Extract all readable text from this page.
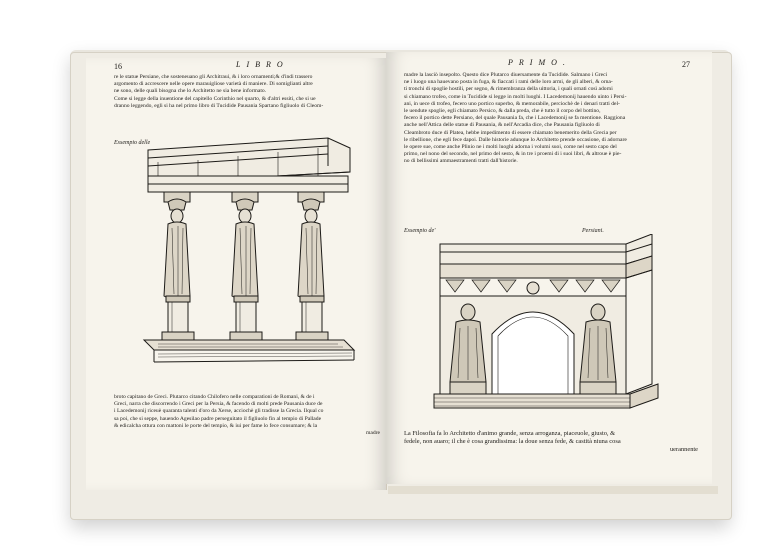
16	LIBRO
re le statue Persiane, che sosteneuano gli Architraui, & i loro ornamenti;& d'indi trassero
argomento di accrescere nelle opere marauigliose varietà di maniere. Di somiglianti altre
ne sono, delle quali bisogna che lo Architetto ne sia bene informato.
Come si legge della inuentione del capitello Corinthio nel quarto, & d'altri essiti, che si ue
dranno leggendo, egli si ha nel primo libro di Tucidide Pausania Spartano figliuolo di Cleom-
Essempio delle
broto capitano de Greci. Plutarco citando Chilofero nelle comparationi de Romani, & de i
Greci, narra che discorrendo i Greci per la Persia, & facendo di molti prede Pausania duce de
i Lacedemonij riceuè quaranta talenti d'oro da Xerse, acciochè gli tradisse la Grecia. Ilqual co
sa poi, che si seppe, hauendo Agesilao padre perseguitato il figliuolo fin al tempio di Pallade
& edicalcha ottura con mattoni le porte del tempio, & iui per fame lo fece consumare; & la
madre
PRIMO.	27
madre la lasciò insepolto. Questo dice Plutarco diuersamente da Tucidide. Salmano i Greci
ne i luogo una hauevano posta in fuga, & fiaccati i rami delle loro armi, de gli alberi, & orna-
ti tronchi di spoglie hostili, per segno, & rimembranza della uittoria, i quali ornati così adorni
si chiamano trofeo, come in Tucidide si legge in molti luoghi. I Lacedemonij hauendo uinto i Persi-
ani, in uece di trofeo, fecero uno portico superbo, & memorabile, perciochè de i denari tratti del-
le uendute spoglie, egli chiamato Persico, & dalla preda, che è tutto il corpo del bottino,
fecero il portico dette Persiano, del quale Pausania fa, che i Lacedemonij se fa mentione. Raggiona
anche nell'Attica delle statue di Pausania, & nell'Arcadia dice, che Pausania figliuolo di
Cleambroto duce di Platea, hebbe impedimento di essere chiamato benemerito della Grecia per
le ribellione, che egli fece dapoi. Dalle historie adunque lo Architetto prende occasione, di adornare
le opere sue, come anche Plinio ne i molti luoghi adorna i volumi suoi, come nel sesto capo del
primo, nel nono del secondo, nel primo del sesto, & in tre i proemi di i suoi libri, & altroue è pie-
no di bellissimi ammaestramenti tratti dall'historie.
Essempio de'	Persiani.
La Filosofia fa lo Architetto d'animo grande, senza arroganza, piaceuole, giusto, &
fedele, non auaro; il che è cosa grandissima: la doue senza fede, & castità niuna cosa
uerannente
